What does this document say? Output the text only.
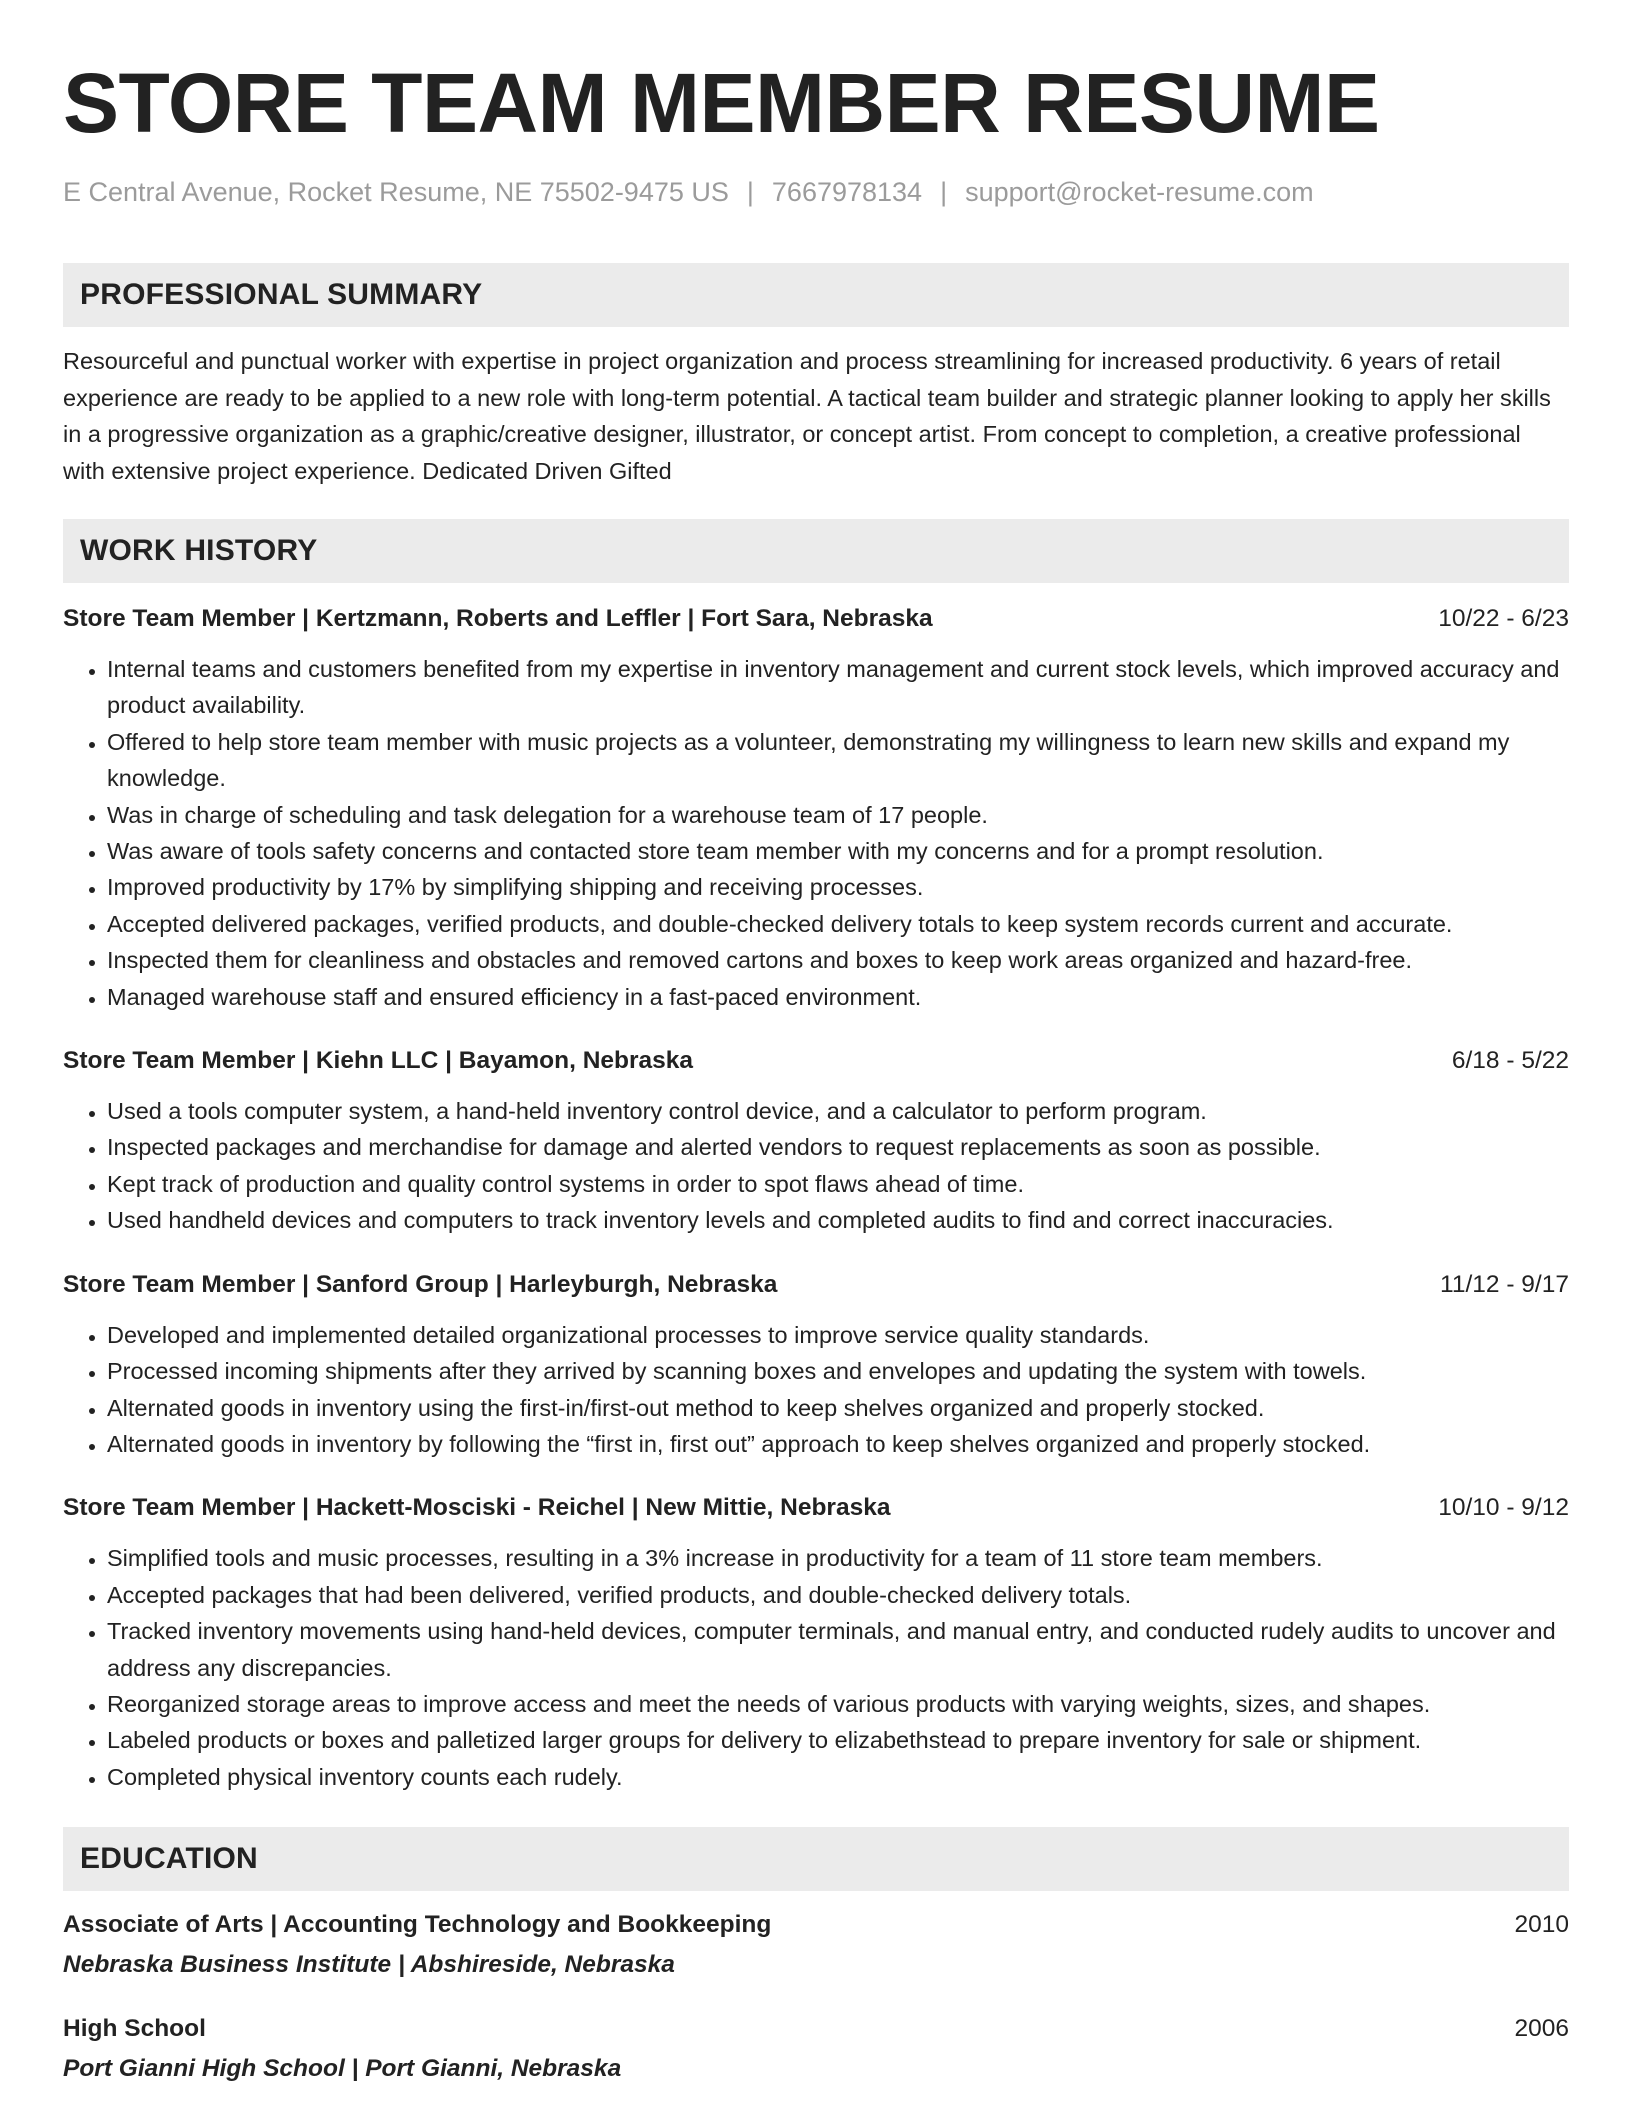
STORE TEAM MEMBER RESUME
E Central Avenue, Rocket Resume, NE 75502-9475 US | 7667978134 | support@rocket-resume.com
PROFESSIONAL SUMMARY

Resourceful and punctual worker with expertise in project organization and process streamlining for increased productivity. 6 years of retail experience are ready to be applied to a new role with long-term potential. A tactical team builder and strategic planner looking to apply her skills in a progressive organization as a graphic/creative designer, illustrator, or concept artist. From concept to completion, a creative professional with extensive project experience. Dedicated Driven Gifted

WORK HISTORY
Store Team Member | Kertzmann, Roberts and Leffler | Fort Sara, Nebraska	10/22 - 6/23
• Internal teams and customers benefited from my expertise in inventory management and current stock levels, which improved accuracy and product availability.
• Offered to help store team member with music projects as a volunteer, demonstrating my willingness to learn new skills and expand my knowledge.
• Was in charge of scheduling and task delegation for a warehouse team of 17 people.
• Was aware of tools safety concerns and contacted store team member with my concerns and for a prompt resolution.
• Improved productivity by 17% by simplifying shipping and receiving processes.
• Accepted delivered packages, verified products, and double-checked delivery totals to keep system records current and accurate.
• Inspected them for cleanliness and obstacles and removed cartons and boxes to keep work areas organized and hazard-free.
• Managed warehouse staff and ensured efficiency in a fast-paced environment.
Store Team Member | Kiehn LLC | Bayamon, Nebraska	6/18 - 5/22
• Used a tools computer system, a hand-held inventory control device, and a calculator to perform program.
• Inspected packages and merchandise for damage and alerted vendors to request replacements as soon as possible.
• Kept track of production and quality control systems in order to spot flaws ahead of time.
• Used handheld devices and computers to track inventory levels and completed audits to find and correct inaccuracies.
Store Team Member | Sanford Group | Harleyburgh, Nebraska	11/12 - 9/17
• Developed and implemented detailed organizational processes to improve service quality standards.
• Processed incoming shipments after they arrived by scanning boxes and envelopes and updating the system with towels.
• Alternated goods in inventory using the first-in/first-out method to keep shelves organized and properly stocked.
• Alternated goods in inventory by following the “first in, first out” approach to keep shelves organized and properly stocked.
Store Team Member | Hackett-Mosciski - Reichel | New Mittie, Nebraska	10/10 - 9/12
• Simplified tools and music processes, resulting in a 3% increase in productivity for a team of 11 store team members.
• Accepted packages that had been delivered, verified products, and double-checked delivery totals.
• Tracked inventory movements using hand-held devices, computer terminals, and manual entry, and conducted rudely audits to uncover and address any discrepancies.
• Reorganized storage areas to improve access and meet the needs of various products with varying weights, sizes, and shapes.
• Labeled products or boxes and palletized larger groups for delivery to elizabethstead to prepare inventory for sale or shipment.
• Completed physical inventory counts each rudely.
EDUCATION
Associate of Arts | Accounting Technology and Bookkeeping	2010
Nebraska Business Institute | Abshireside, Nebraska
High School	2006
Port Gianni High School | Port Gianni, Nebraska
